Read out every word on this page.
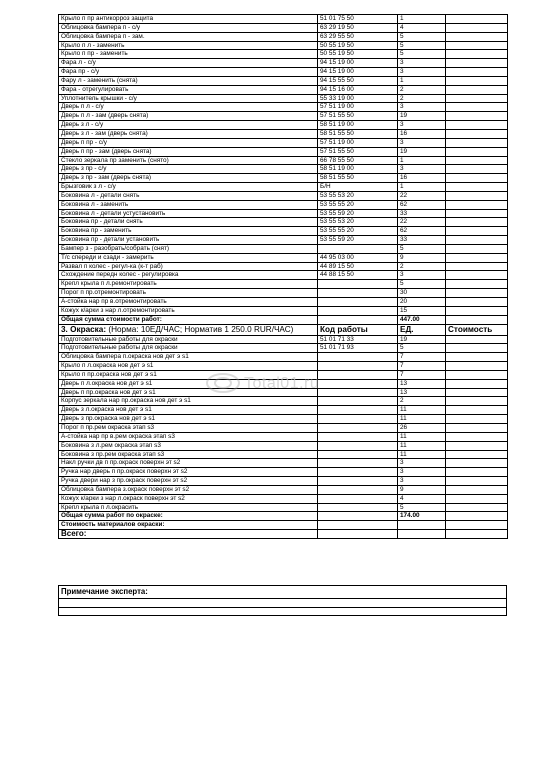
Крыло п пр антикорроз защита	51 01 75 50	1	
Облицовка бампера п - с/у	63 29 19 50	4	
Облицовка бампера п - зам.	63 29 55 50	5	
Крыло п л - заменить	50 55 19 50	5	
Крыло п пр - заменить	50 55 19 50	5	
Фара л - с/у	94 15 19 00	3	
Фара пр - с/у	94 15 19 00	3	
Фару л - заменить (снята)	94 15 55 50	1	
Фара - отрегулировать	94 15 16 00	2	
Уплотнитель крышки - с/у	55 33 19 00	2	
Дверь п л - с/у	57 51 19 00	3	
Дверь п л - зам (дверь снята)	57 51 55 50	19	
Дверь з л - с/у	58 51 19 00	3	
Дверь з л - зам (дверь снята)	58 51 55 50	16	
Дверь п пр - с/у	57 51 19 00	3	
Дверь п пр - зам (дверь снята)	57 51 55 50	19	
Стекло зеркала пр заменить (снято)	66 78 55 50	1	
Дверь з пр - с/у	58 51 19 00	3	
Дверь з пр - зам (дверь снята)	58 51 55 50	16	
Брызговик з л - с/у	Б/Н	1	
Боковина л - детали снять	53 55 53 20	22	
Боковина л - заменить	53 55 55 20	62	
Боковина л - детали устустановить	53 55 59 20	33	
Боковина пр - детали снять	53 55 53 20	22	
Боковина пр - заменить	53 55 55 20	62	
Боковина пр - детали установить	53 55 59 20	33	
Бампер з - разобрать/собрать (снят)		5	
Т/с спереди и сзади - замерить	44 95 03 00	9	
Развал п колес - регул-ка (к-т раб)	44 89 15 50	2	
Схождение передн колес - регулировка	44 88 15 50	3	
Крепл крыла п л.ремонтировать		5	
Порог п пр.отремонтировать		30	
А-стойка нар пр в.отремонтировать		20	
Кожух к/арки з нар л.отремонтировать		15	
Общая сумма стоимости работ:		447.00	
3. Окраска: (Норма: 10ЕД/ЧАС; Норматив 1 250.0 RUR/ЧАС)	Код работы	ЕД.	Стоимость
Подготовительные работы для окраски	51 01 71 33	19	
Подготовительные работы для окраски	51 01 71 93	5	
Облицовка бампера п.окраска нов дет э s1		7	
Крыло п л.окраска нов дет э s1		7	
Крыло п пр.окраска нов дет э s1		7	
Дверь п л.окраска нов дет э s1		13	
Дверь п пр.окраска нов дет э s1		13	
Корпус зеркала нар пр.окраска нов дет э s1		2	
Дверь з л.окраска нов дет э s1		11	
Дверь з пр.окраска нов дет э s1		11	
Порог п пр.рем окраска этап s3		26	
А-стойка нар пр в.рем окраска этап s3		11	
Боковина з л.рем окраска этап s3		11	
Боковина з пр.рем окраска этап s3		11	
Накл ручки дв п пр.окраск поверхн эт s2		3	
Ручка нар дверь п пр.окраск поверхн эт s2		3	
Ручка двери нар з пр.окраск поверхн эт s2		3	
Облицовка бампера з.окраск поверхн эт s2		9	
Кожух к/арки з нар л.окраск поверхн эт s2		4	
Крепл крыла п л.окрасить		5	
Общая сумма работ по окраске:		174.00	
Стоимость материалов окраски:			
Всего:			
Примечание эксперта:

Total01.ru
